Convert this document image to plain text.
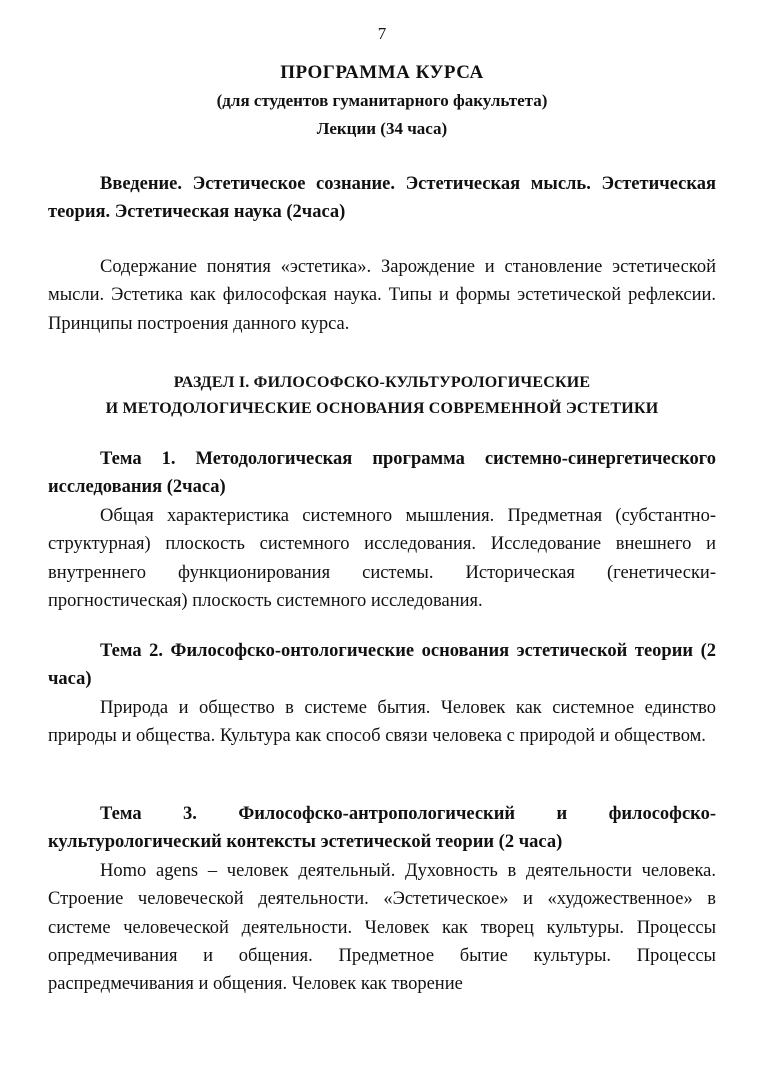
7
ПРОГРАММА КУРСА
(для студентов гуманитарного факультета)
Лекции (34 часа)

Введение. Эстетическое сознание. Эстетическая мысль. Эстетическая теория. Эстетическая наука (2часа)

Содержание понятия «эстетика». Зарождение и становление эстетической мысли. Эстетика как философская наука. Типы и формы эстетической рефлексии. Принципы построения данного курса.

РАЗДЕЛ I. ФИЛОСОФСКО-КУЛЬТУРОЛОГИЧЕСКИЕ
И МЕТОДОЛОГИЧЕСКИЕ ОСНОВАНИЯ СОВРЕМЕННОЙ ЭСТЕТИКИ

Тема 1. Методологическая программа системно-синергетического исследования (2часа)

Общая характеристика системного мышления. Предметная (субстантно-структурная) плоскость системного исследования. Исследование внешнего и внутреннего функционирования системы. Историческая (генетически-прогностическая) плоскость системного исследования.

Тема 2. Философско-онтологические основания эстетической теории (2 часа)

Природа и общество в системе бытия. Человек как системное единство природы и общества. Культура как способ связи человека с природой и обществом.

Тема 3. Философско-антропологический и философско-культурологический контексты эстетической теории (2 часа)

Homo agens – человек деятельный. Духовность в деятельности человека. Строение человеческой деятельности. «Эстетическое» и «художественное» в системе человеческой деятельности. Человек как творец культуры. Процессы опредмечивания и общения. Предметное бытие культуры. Процессы распредмечивания и общения. Человек как творение
